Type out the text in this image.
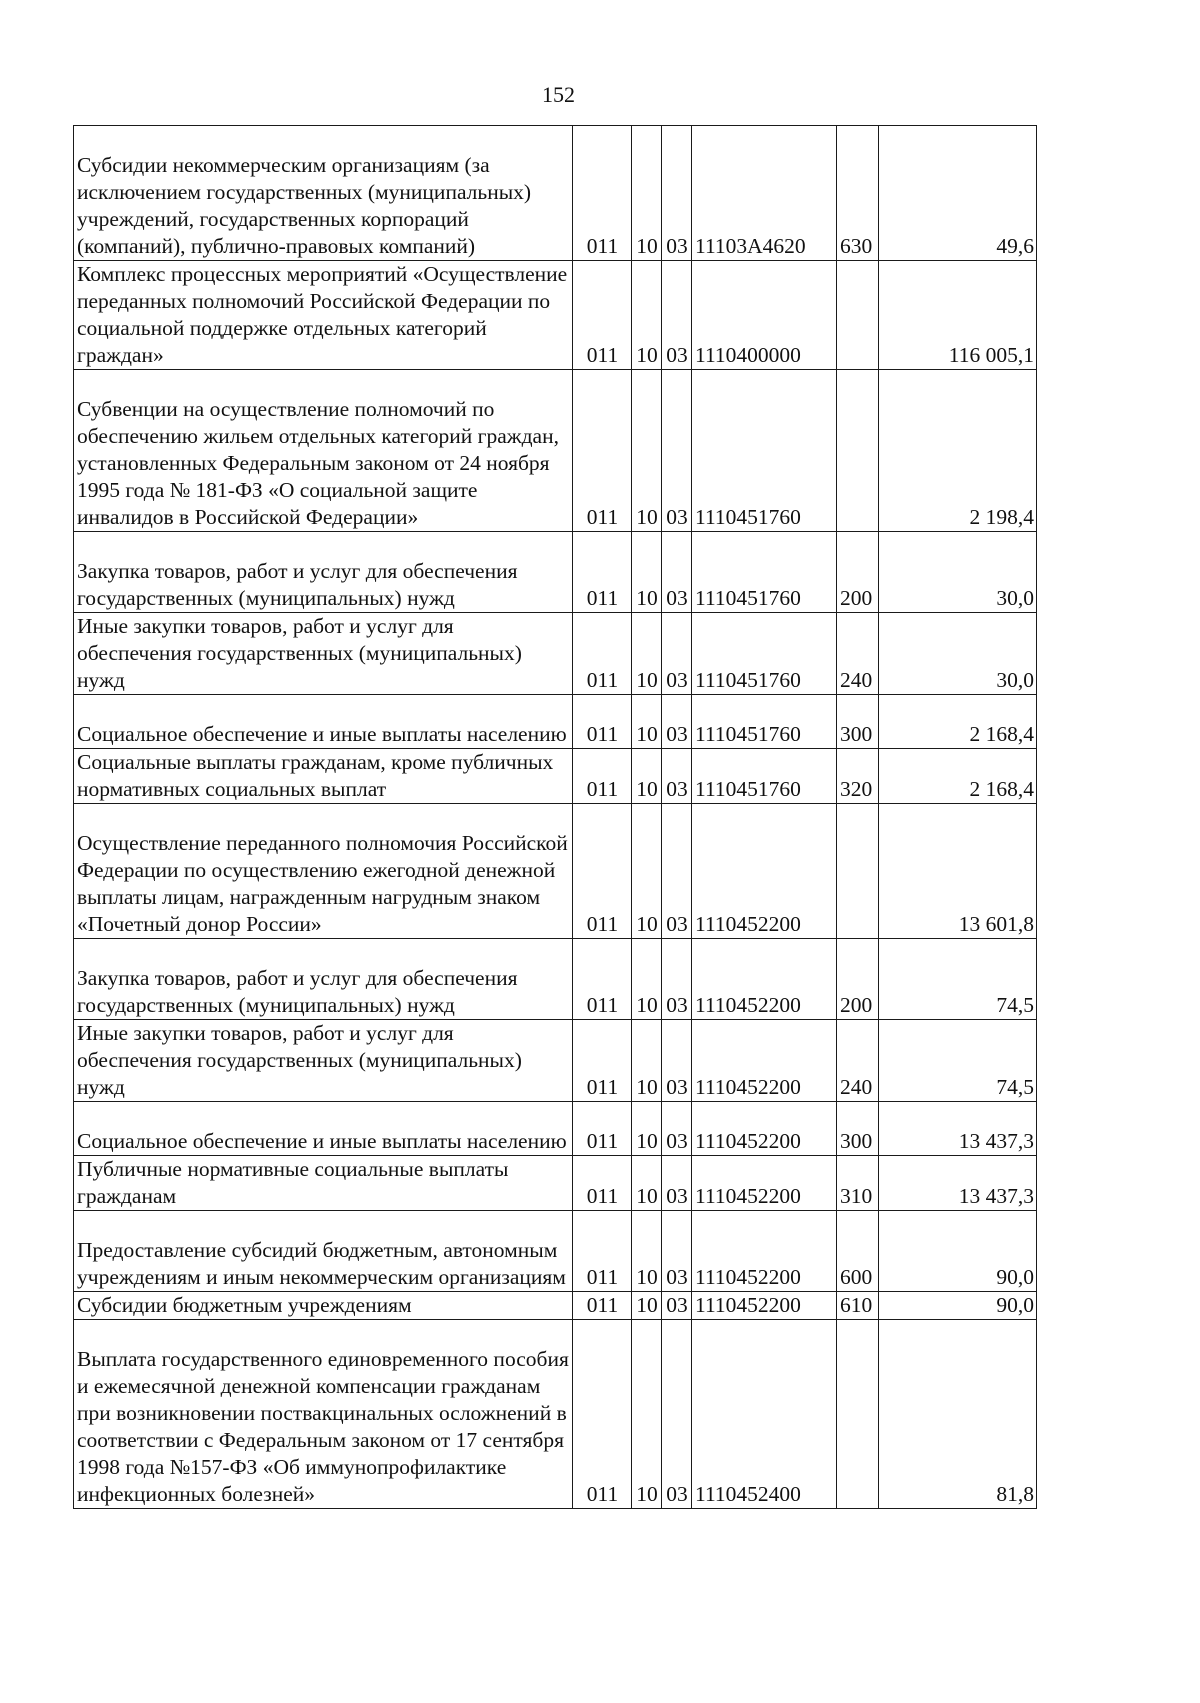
152
Субсидии некоммерческим организациям (за исключением государственных (муниципальных) учреждений, государственных корпораций (компаний), публично-правовых компаний)	011	10	03	11103A4620	630	49,6
Комплекс процессных мероприятий «Осуществление переданных полномочий Российской Федерации по социальной поддержке отдельных категорий граждан»	011	10	03	1110400000		116 005,1
Субвенции на осуществление полномочий по обеспечению жильем отдельных категорий граждан, установленных Федеральным законом от 24 ноября 1995 года № 181-ФЗ «О социальной защите инвалидов в Российской Федерации»	011	10	03	1110451760		2 198,4
Закупка товаров, работ и услуг для обеспечения государственных (муниципальных) нужд	011	10	03	1110451760	200	30,0
Иные закупки товаров, работ и услуг для обеспечения государственных (муниципальных) нужд	011	10	03	1110451760	240	30,0
Социальное обеспечение и иные выплаты населению	011	10	03	1110451760	300	2 168,4
Социальные выплаты гражданам, кроме публичных нормативных социальных выплат	011	10	03	1110451760	320	2 168,4
Осуществление переданного полномочия Российской Федерации по осуществлению ежегодной денежной выплаты лицам, награжденным нагрудным знаком «Почетный донор России»	011	10	03	1110452200		13 601,8
Закупка товаров, работ и услуг для обеспечения государственных (муниципальных) нужд	011	10	03	1110452200	200	74,5
Иные закупки товаров, работ и услуг для обеспечения государственных (муниципальных) нужд	011	10	03	1110452200	240	74,5
Социальное обеспечение и иные выплаты населению	011	10	03	1110452200	300	13 437,3
Публичные нормативные социальные выплаты гражданам	011	10	03	1110452200	310	13 437,3
Предоставление субсидий бюджетным, автономным учреждениям и иным некоммерческим организациям	011	10	03	1110452200	600	90,0
Субсидии бюджетным учреждениям	011	10	03	1110452200	610	90,0
Выплата государственного единовременного пособия и ежемесячной денежной компенсации гражданам при возникновении поствакцинальных осложнений в соответствии с Федеральным законом от 17 сентября 1998 года №157-ФЗ «Об иммунопрофилактике инфекционных болезней»	011	10	03	1110452400		81,8
